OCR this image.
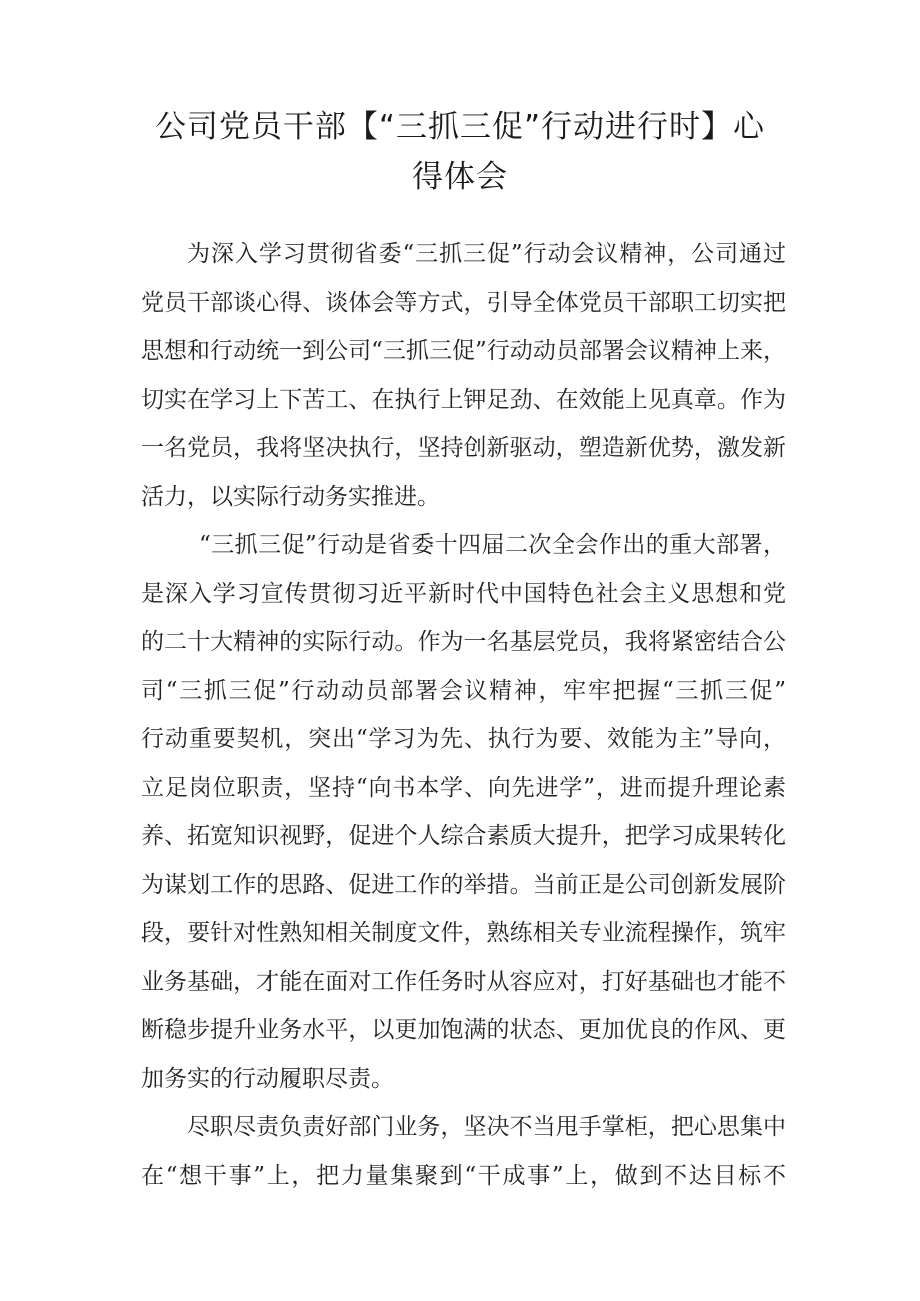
公司党员干部【“三抓三促”行动进行时】心
得体会
为深入学习贯彻省委“三抓三促”行动会议精神，公司通过
党员干部谈心得、谈体会等方式，引导全体党员干部职工切实把
思想和行动统一到公司“三抓三促”行动动员部署会议精神上来，
切实在学习上下苦工、在执行上钾足劲、在效能上见真章。作为
一名党员，我将坚决执行，坚持创新驱动，塑造新优势，激发新
活力，以实际行动务实推进。
“三抓三促”行动是省委十四届二次全会作出的重大部署，
是深入学习宣传贯彻习近平新时代中国特色社会主义思想和党
的二十大精神的实际行动。作为一名基层党员，我将紧密结合公
司“三抓三促”行动动员部署会议精神，牢牢把握“三抓三促”
行动重要契机，突出“学习为先、执行为要、效能为主”导向，
立足岗位职责，坚持“向书本学、向先进学”，进而提升理论素
养、拓宽知识视野，促进个人综合素质大提升，把学习成果转化
为谋划工作的思路、促进工作的举措。当前正是公司创新发展阶
段，要针对性熟知相关制度文件，熟练相关专业流程操作，筑牢
业务基础，才能在面对工作任务时从容应对，打好基础也才能不
断稳步提升业务水平，以更加饱满的状态、更加优良的作风、更
加务实的行动履职尽责。
尽职尽责负责好部门业务，坚决不当甩手掌柜，把心思集中
在“想干事”上，把力量集聚到“干成事”上，做到不达目标不
